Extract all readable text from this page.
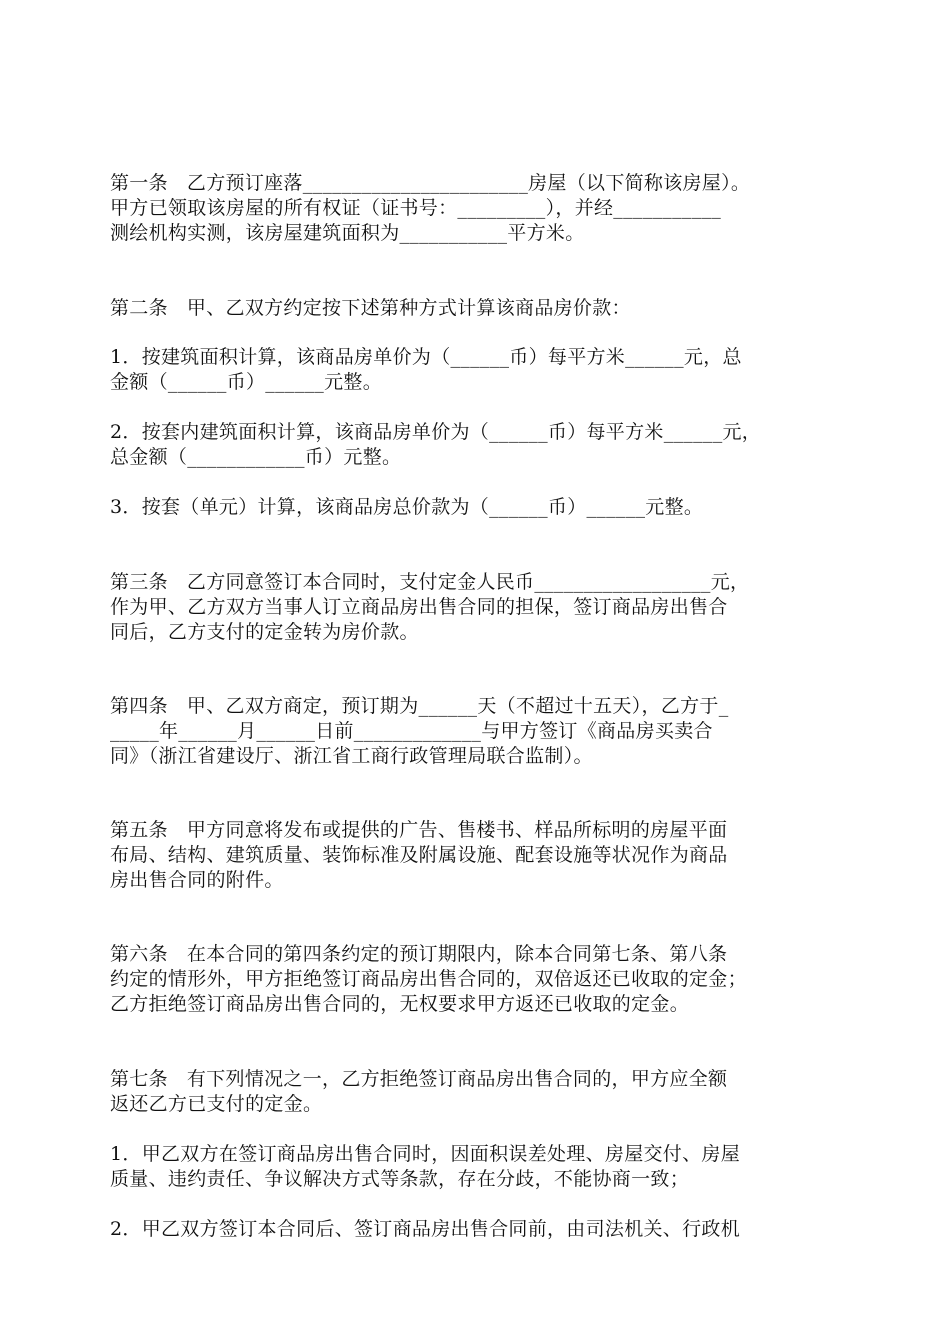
第一条   乙方预订座落_______________________房屋（以下简称该房屋）。
甲方已领取该房屋的所有权证（证书号：_________），并经___________
测绘机构实测，该房屋建筑面积为___________平方米。
第二条   甲、乙双方约定按下述第种方式计算该商品房价款：
1．按建筑面积计算，该商品房单价为（______币）每平方米______元，总
金额（______币）______元整。
2．按套内建筑面积计算，该商品房单价为（______币）每平方米______元，
总金额（____________币）元整。
3．按套（单元）计算，该商品房总价款为（______币）______元整。
第三条   乙方同意签订本合同时，支付定金人民币__________________元，
作为甲、乙方双方当事人订立商品房出售合同的担保，签订商品房出售合
同后，乙方支付的定金转为房价款。
第四条   甲、乙双方商定，预订期为______天（不超过十五天），乙方于_
_____年______月______日前_____________与甲方签订《商品房买卖合
同》（浙江省建设厅、浙江省工商行政管理局联合监制）。
第五条   甲方同意将发布或提供的广告、售楼书、样品所标明的房屋平面
布局、结构、建筑质量、装饰标准及附属设施、配套设施等状况作为商品
房出售合同的附件。
第六条   在本合同的第四条约定的预订期限内，除本合同第七条、第八条
约定的情形外，甲方拒绝签订商品房出售合同的，双倍返还已收取的定金；
乙方拒绝签订商品房出售合同的，无权要求甲方返还已收取的定金。
第七条   有下列情况之一，乙方拒绝签订商品房出售合同的，甲方应全额
返还乙方已支付的定金。
1．甲乙双方在签订商品房出售合同时，因面积误差处理、房屋交付、房屋
质量、违约责任、争议解决方式等条款，存在分歧，不能协商一致；
2．甲乙双方签订本合同后、签订商品房出售合同前，由司法机关、行政机
